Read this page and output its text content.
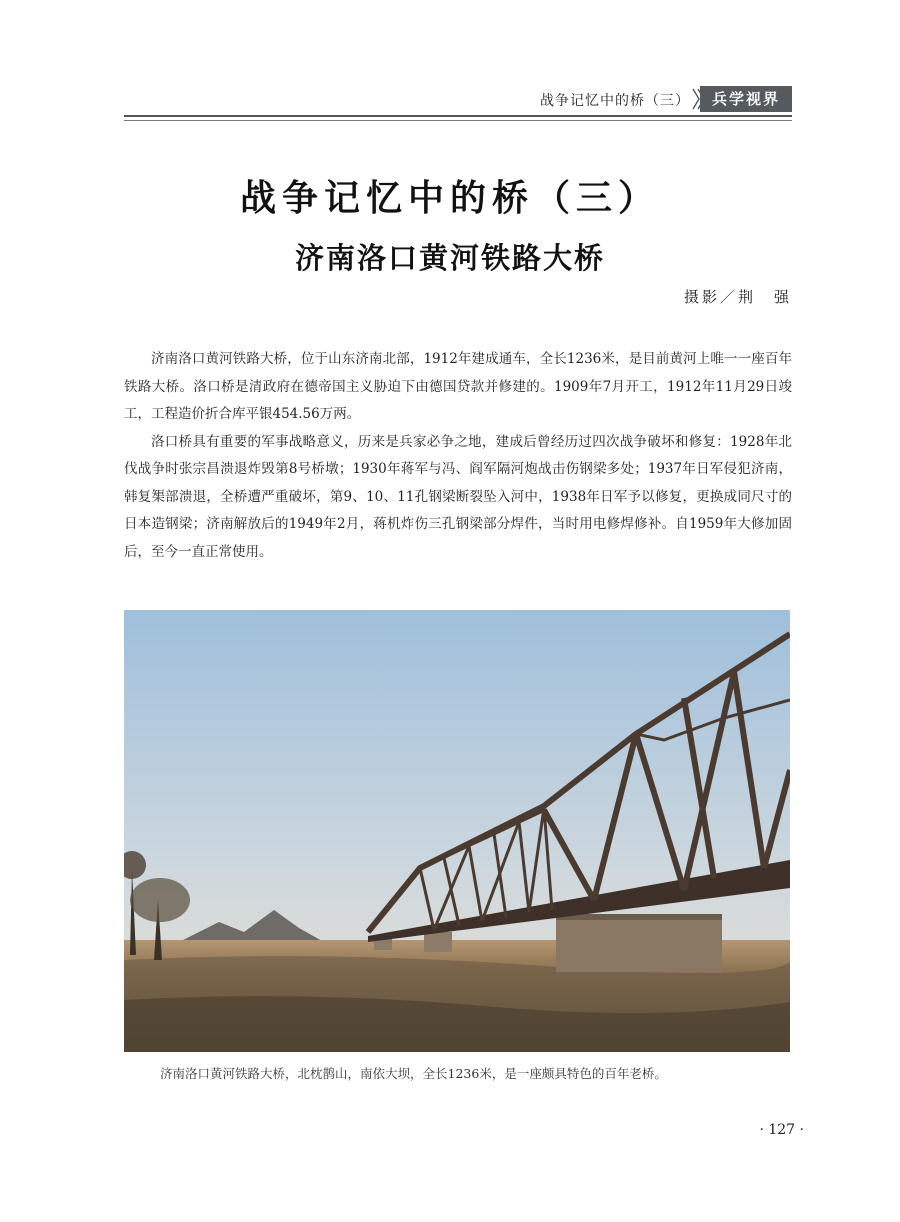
战争记忆中的桥（三）	兵学视界
战争记忆中的桥（三）
济南洛口黄河铁路大桥
摄影／荆　强

济南洛口黄河铁路大桥，位于山东济南北部，1912年建成通车，全长1236米，是目前黄河上唯一一座百年铁路大桥。洛口桥是清政府在德帝国主义胁迫下由德国贷款并修建的。1909年7月开工，1912年11月29日竣工，工程造价折合库平银454.56万两。

洛口桥具有重要的军事战略意义，历来是兵家必争之地，建成后曾经历过四次战争破坏和修复：1928年北伐战争时张宗昌溃退炸毁第8号桥墩；1930年蒋军与冯、阎军隔河炮战击伤钢梁多处；1937年日军侵犯济南，韩复榘部溃退，全桥遭严重破坏，第9、10、11孔钢梁断裂坠入河中，1938年日军予以修复，更换成同尺寸的日本造钢梁；济南解放后的1949年2月，蒋机炸伤三孔钢梁部分焊件，当时用电修焊修补。自1959年大修加固后，至今一直正常使用。

济南洛口黄河铁路大桥，北枕鹊山，南依大坝，全长1236米，是一座颇具特色的百年老桥。
· 127 ·
